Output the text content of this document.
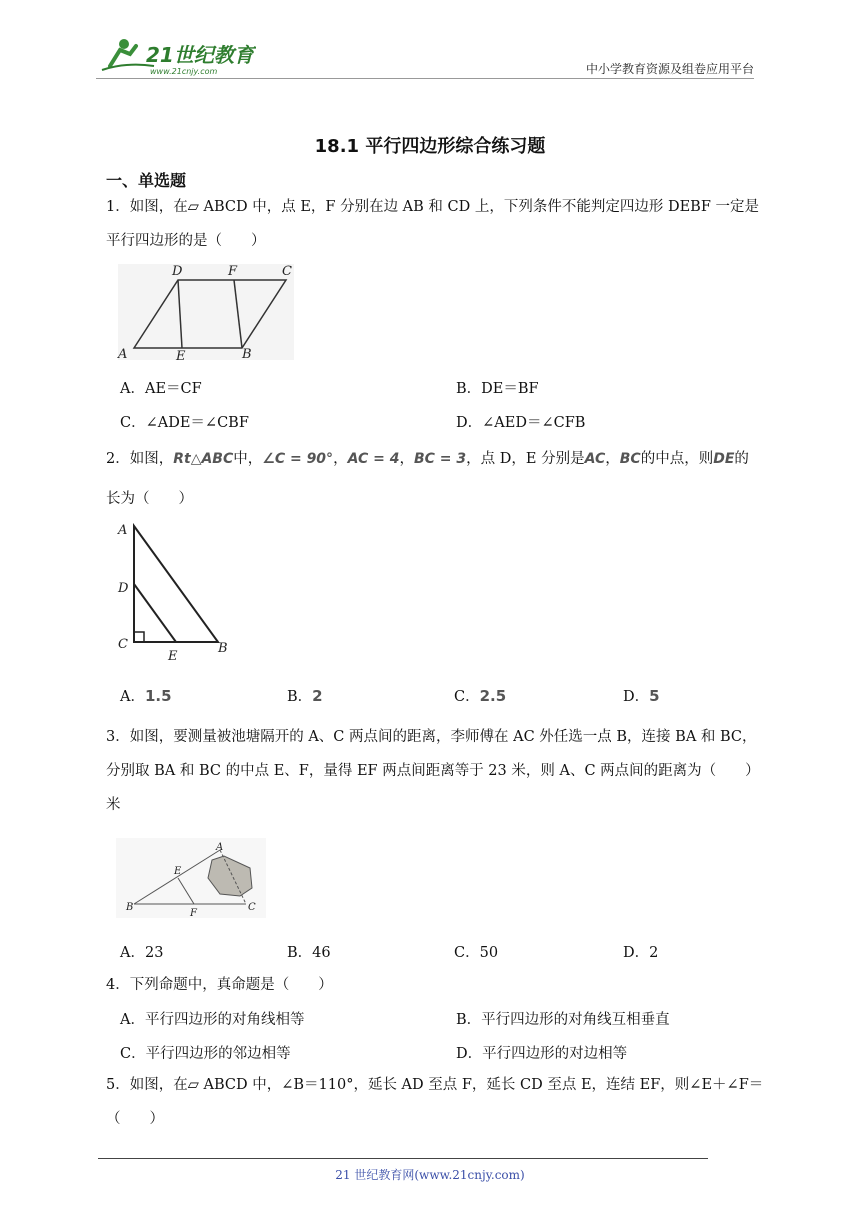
21世纪教育
www.21cnjy.com	中小学教育资源及组卷应用平台
18.1 平行四边形综合练习题
一、单选题
1．如图，在▱ ABCD 中，点 E，F 分别在边 AB 和 CD 上，下列条件不能判定四边形 DEBF 一定是平行四边形的是（　　）
D	F	C
A	E	B
A．AE＝CF	B．DE＝BF
C．∠ADE＝∠CBF	D．∠AED＝∠CFB
2．如图，Rt△ABC中，∠C = 90°，AC = 4，BC = 3，点 D，E 分别是AC，BC的中点，则DE的
长为（　　）
A
D
C
E
B
A．1.5	B．2	C．2.5	D．5
3．如图，要测量被池塘隔开的 A、C 两点间的距离，李师傅在 AC 外任选一点 B，连接 BA 和 BC，分别取 BA 和 BC 的中点 E、F，量得 EF 两点间距离等于 23 米，则 A、C 两点间的距离为（　　）米
A
E
B
F
C
A．23	B．46	C．50	D．2
4．下列命题中，真命题是（　　）
A．平行四边形的对角线相等	B．平行四边形的对角线互相垂直
C．平行四边形的邻边相等	D．平行四边形的对边相等
5．如图，在▱ ABCD 中，∠B＝110°，延长 AD 至点 F，延长 CD 至点 E，连结 EF，则∠E＋∠F＝（　　）
21 世纪教育网(www.21cnjy.com)
